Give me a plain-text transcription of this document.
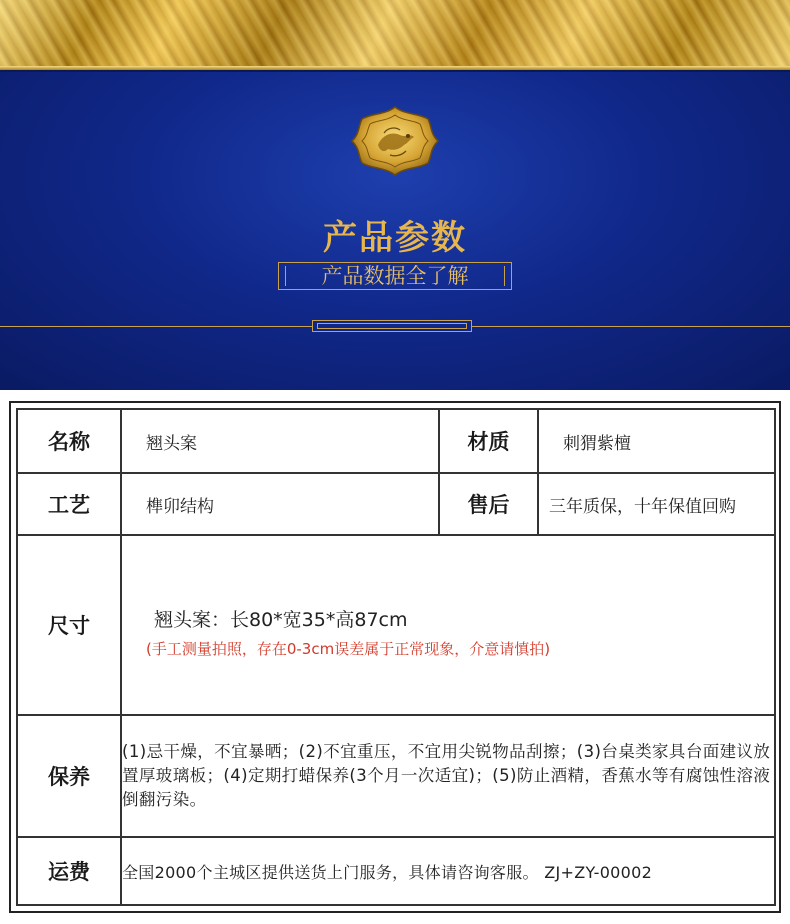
产品参数
产品数据全了解
名称	翘头案	材质	刺猬紫檀
工艺	榫卯结构	售后	三年质保，十年保值回购
尺寸	翘头案：长80*宽35*高87cm
(手工测量拍照，存在0-3cm误差属于正常现象，介意请慎拍)		

保养	(1)忌干燥，不宜暴晒；(2)不宜重压，不宜用尖锐物品刮擦；(3)台桌类家具台面建议放置厚玻璃板；(4)定期打蜡保养(3个月一次适宜)；(5)防止酒精，香蕉水等有腐蚀性溶液倒翻污染。		
运费	全国2000个主城区提供送货上门服务，具体请咨询客服。 ZJ+ZY-00002		
